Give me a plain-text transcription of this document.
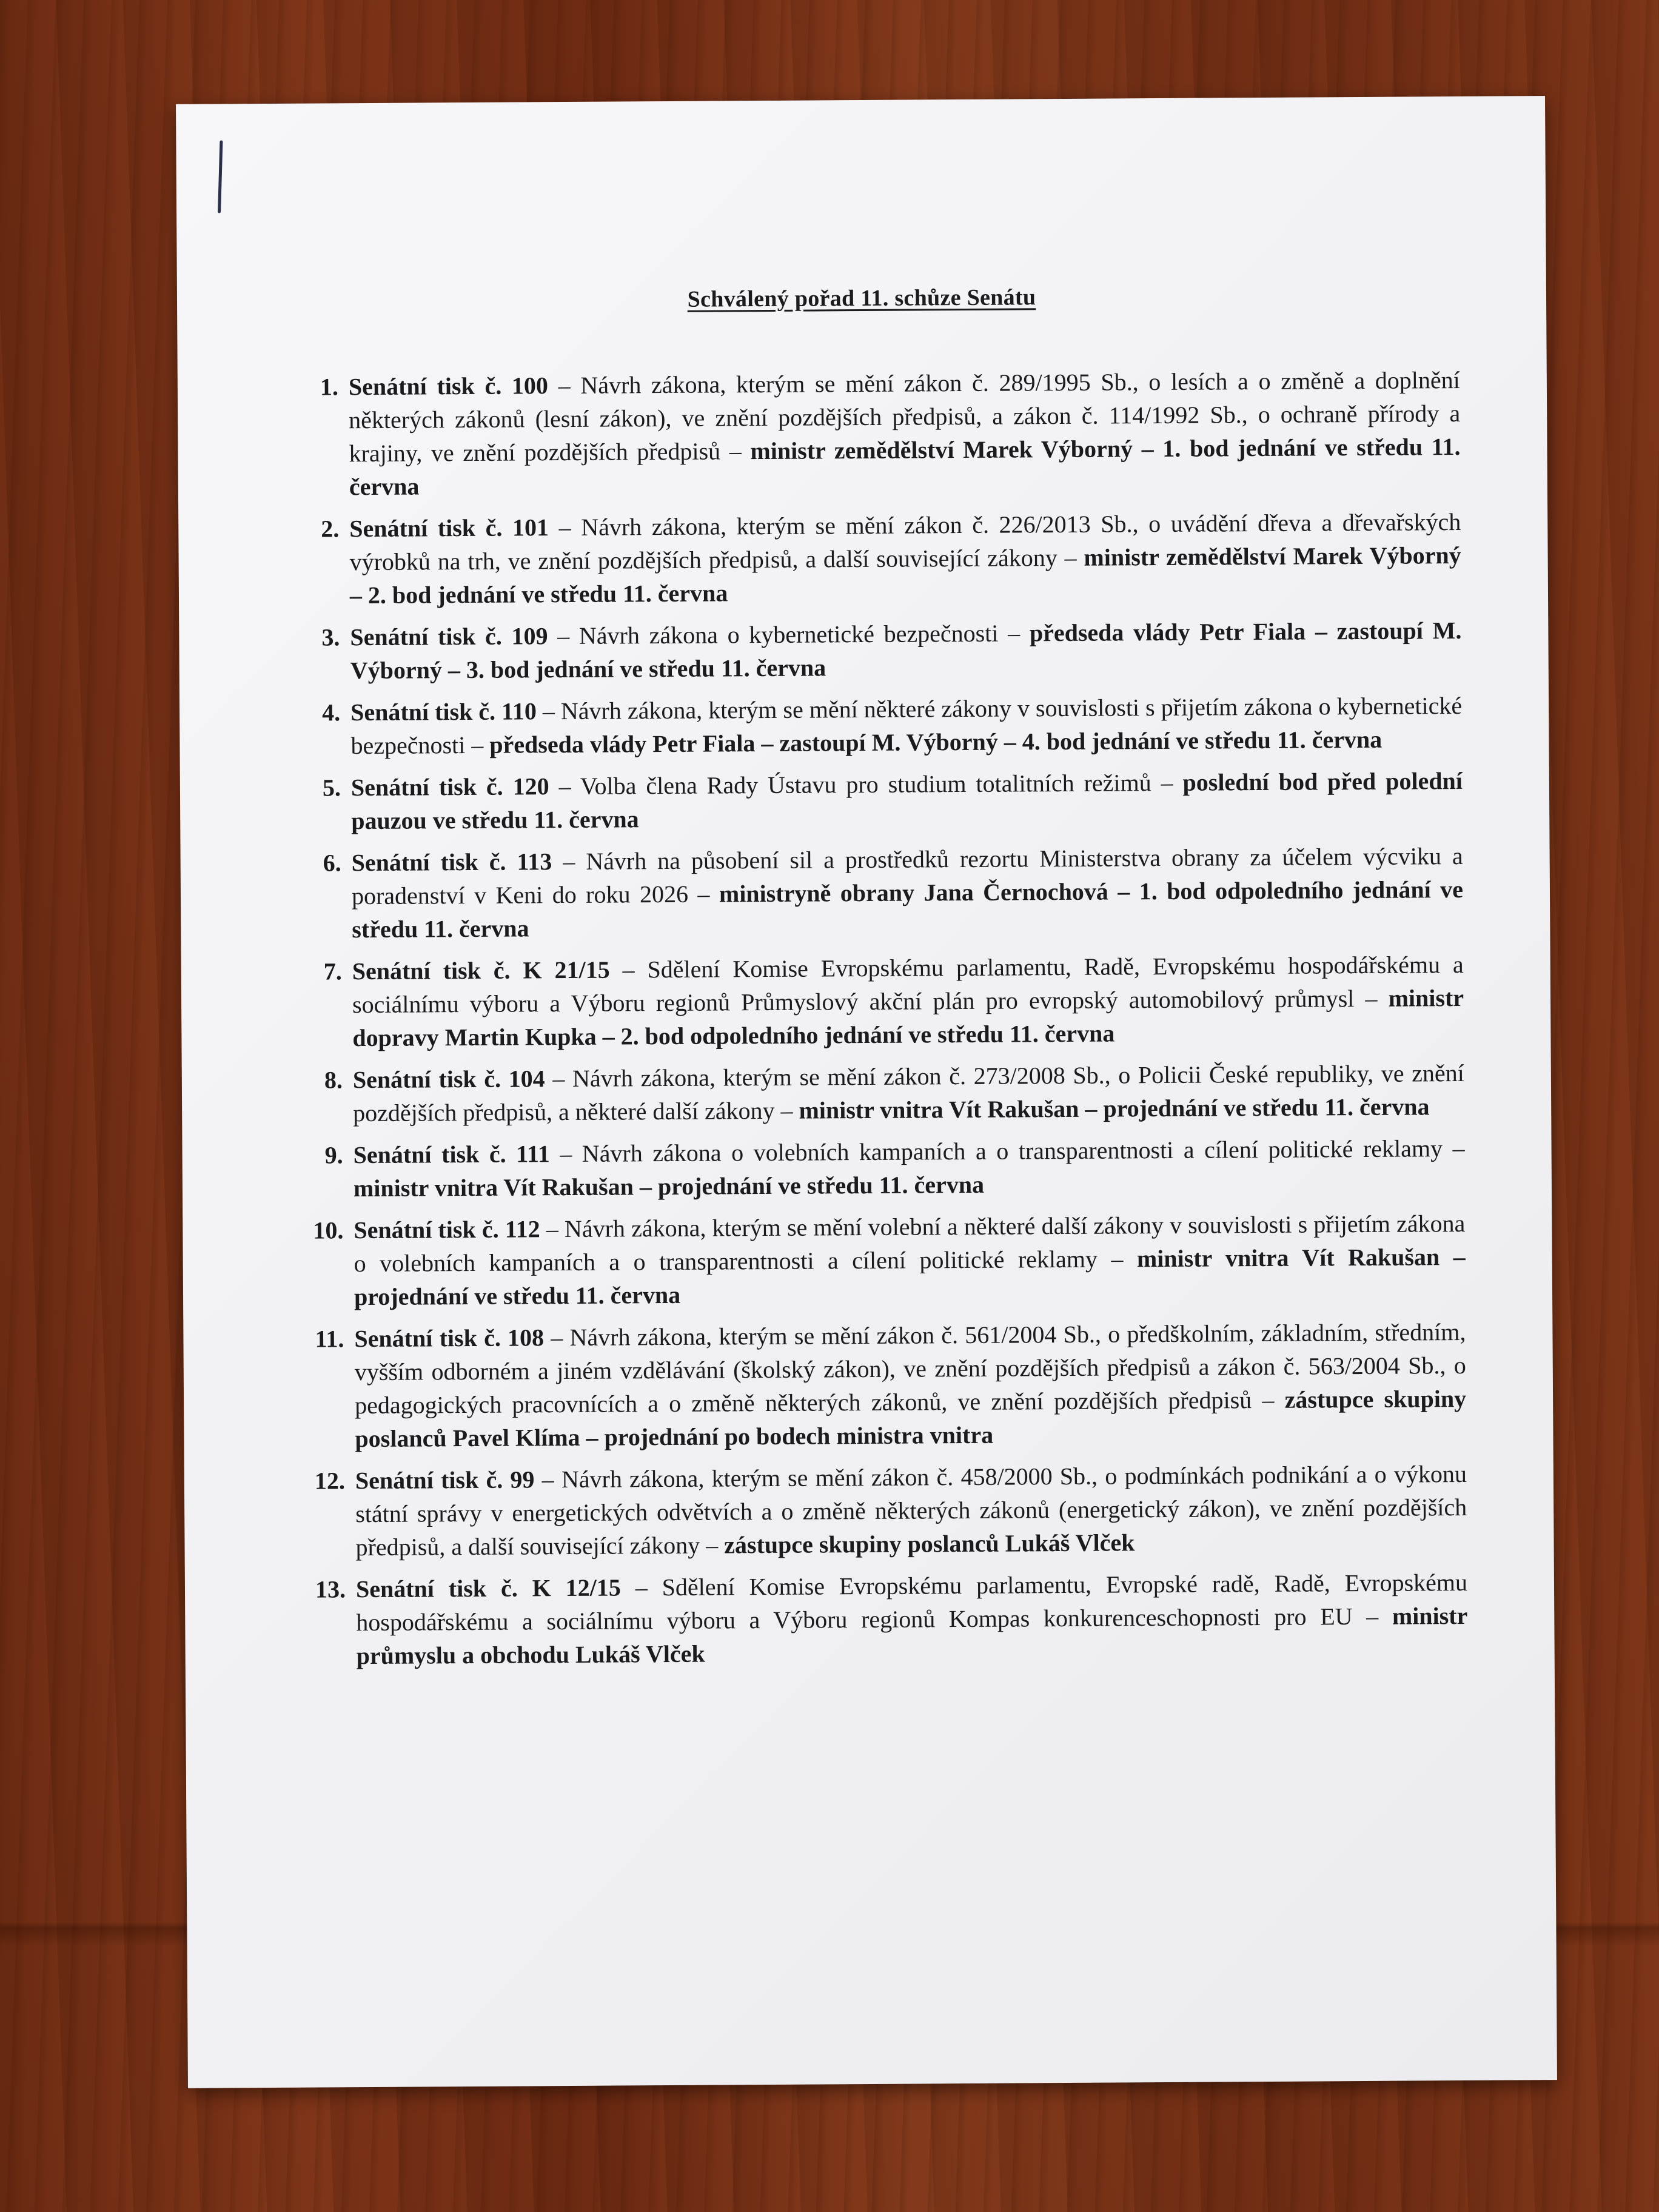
Schválený pořad 11. schůze Senátu
1. Senátní tisk č. 100 – Návrh zákona, kterým se mění zákon č. 289/1995 Sb., o lesích a o změně a doplnění některých zákonů (lesní zákon), ve znění pozdějších předpisů, a zákon č. 114/1992 Sb., o ochraně přírody a krajiny, ve znění pozdějších předpisů – ministr zemědělství Marek Výborný – 1. bod jednání ve středu 11. června
2. Senátní tisk č. 101 – Návrh zákona, kterým se mění zákon č. 226/2013 Sb., o uvádění dřeva a dřevařských výrobků na trh, ve znění pozdějších předpisů, a další související zákony – ministr zemědělství Marek Výborný – 2. bod jednání ve středu 11. června
3. Senátní tisk č. 109 – Návrh zákona o kybernetické bezpečnosti – předseda vlády Petr Fiala – zastoupí M. Výborný – 3. bod jednání ve středu 11. června
4. Senátní tisk č. 110 – Návrh zákona, kterým se mění některé zákony v souvislosti s přijetím zákona o kybernetické bezpečnosti – předseda vlády Petr Fiala – zastoupí M. Výborný – 4. bod jednání ve středu 11. června
5. Senátní tisk č. 120 – Volba člena Rady Ústavu pro studium totalitních režimů – poslední bod před polední pauzou ve středu 11. června
6. Senátní tisk č. 113 – Návrh na působení sil a prostředků rezortu Ministerstva obrany za účelem výcviku a poradenství v Keni do roku 2026 – ministryně obrany Jana Černochová – 1. bod odpoledního jednání ve středu 11. června
7. Senátní tisk č. K 21/15 – Sdělení Komise Evropskému parlamentu, Radě, Evropskému hospodářskému a sociálnímu výboru a Výboru regionů Průmyslový akční plán pro evropský automobilový průmysl – ministr dopravy Martin Kupka – 2. bod odpoledního jednání ve středu 11. června
8. Senátní tisk č. 104 – Návrh zákona, kterým se mění zákon č. 273/2008 Sb., o Policii České republiky, ve znění pozdějších předpisů, a některé další zákony – ministr vnitra Vít Rakušan – projednání ve středu 11. června
9. Senátní tisk č. 111 – Návrh zákona o volebních kampaních a o transparentnosti a cílení politické reklamy – ministr vnitra Vít Rakušan – projednání ve středu 11. června
10. Senátní tisk č. 112 – Návrh zákona, kterým se mění volební a některé další zákony v souvislosti s přijetím zákona o volebních kampaních a o transparentnosti a cílení politické reklamy – ministr vnitra Vít Rakušan – projednání ve středu 11. června
11. Senátní tisk č. 108 – Návrh zákona, kterým se mění zákon č. 561/2004 Sb., o předškolním, základním, středním, vyšším odborném a jiném vzdělávání (školský zákon), ve znění pozdějších předpisů a zákon č. 563/2004 Sb., o pedagogických pracovnících a o změně některých zákonů, ve znění pozdějších předpisů – zástupce skupiny poslanců Pavel Klíma – projednání po bodech ministra vnitra
12. Senátní tisk č. 99 – Návrh zákona, kterým se mění zákon č. 458/2000 Sb., o podmínkách podnikání a o výkonu státní správy v energetických odvětvích a o změně některých zákonů (energetický zákon), ve znění pozdějších předpisů, a další související zákony – zástupce skupiny poslanců Lukáš Vlček
13. Senátní tisk č. K 12/15 – Sdělení Komise Evropskému parlamentu, Evropské radě, Radě, Evropskému hospodářskému a sociálnímu výboru a Výboru regionů Kompas konkurenceschopnosti pro EU – ministr průmyslu a obchodu Lukáš Vlček
